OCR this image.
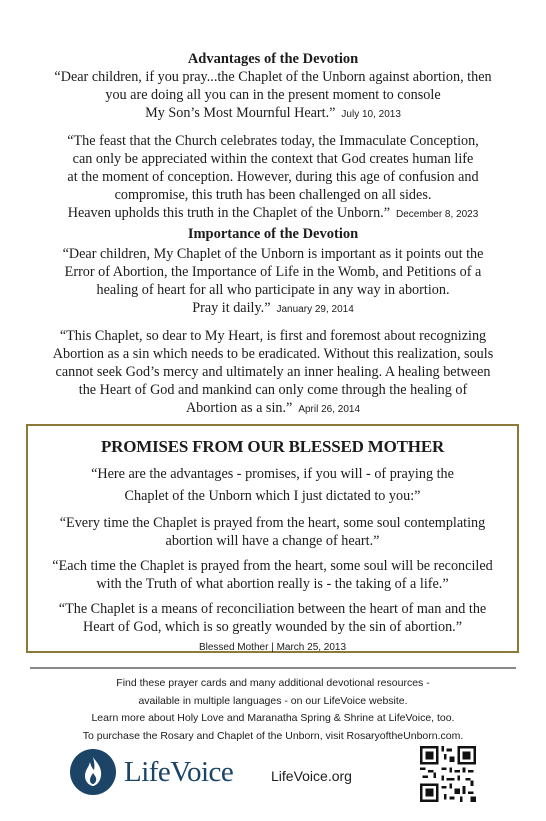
Advantages of the Devotion

“Dear children, if you pray...the Chaplet of the Unborn against abortion, then
you are doing all you can in the present moment to console
My Son’s Most Mournful Heart.” July 10, 2013

“The feast that the Church celebrates today, the Immaculate Conception,
can only be appreciated within the context that God creates human life
at the moment of conception. However, during this age of confusion and
compromise, this truth has been challenged on all sides.
Heaven upholds this truth in the Chaplet of the Unborn.” December 8, 2023

Importance of the Devotion

“Dear children, My Chaplet of the Unborn is important as it points out the
Error of Abortion, the Importance of Life in the Womb, and Petitions of a
healing of heart for all who participate in any way in abortion.
Pray it daily.” January 29, 2014

“This Chaplet, so dear to My Heart, is first and foremost about recognizing
Abortion as a sin which needs to be eradicated. Without this realization, souls
cannot seek God’s mercy and ultimately an inner healing. A healing between
the Heart of God and mankind can only come through the healing of
Abortion as a sin.” April 26, 2014

PROMISES FROM OUR BLESSED MOTHER

“Here are the advantages - promises, if you will - of praying the
Chaplet of the Unborn which I just dictated to you:”

“Every time the Chaplet is prayed from the heart, some soul contemplating
abortion will have a change of heart.”

“Each time the Chaplet is prayed from the heart, some soul will be reconciled
with the Truth of what abortion really is - the taking of a life.”

“The Chaplet is a means of reconciliation between the heart of man and the
Heart of God, which is so greatly wounded by the sin of abortion.”

Blessed Mother | March 25, 2013
Find these prayer cards and many additional devotional resources -
available in multiple languages - on our LifeVoice website.
Learn more about Holy Love and Maranatha Spring & Shrine at LifeVoice, too.
To purchase the Rosary and Chaplet of the Unborn, visit RosaryoftheUnborn.com.
LifeVoice	LifeVoice.org
